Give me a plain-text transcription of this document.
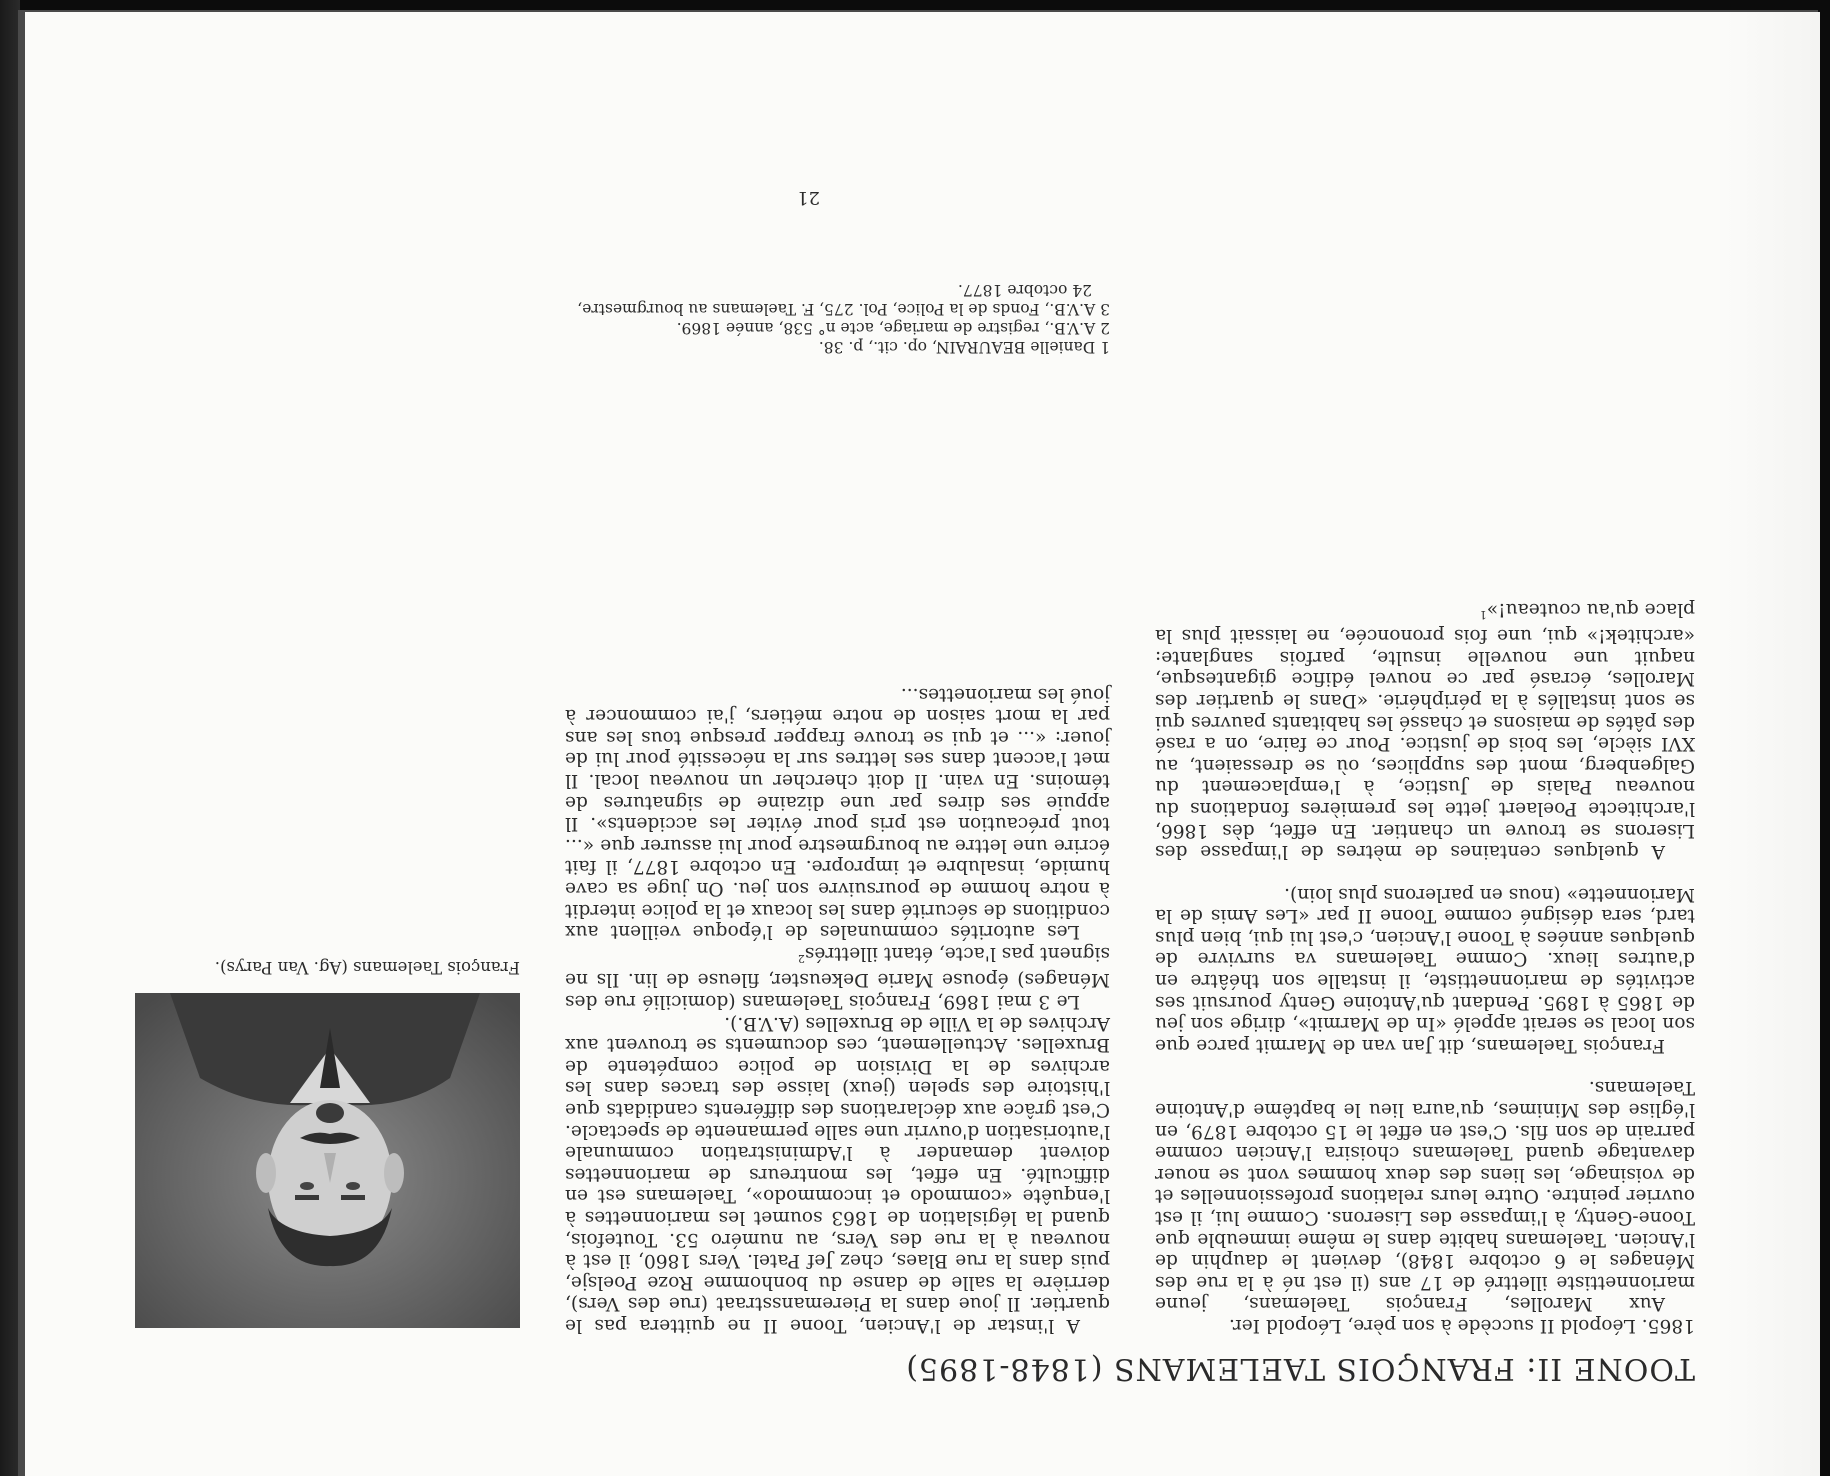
TOONE II: FRANÇOIS TAELEMANS (1848-1895)

1865. Léopold II succède à son père, Léopold Ier.

Aux Marolles, François Taelemans, jeune marionnettiste illettré de 17 ans (il est né à la rue des Ménages le 6 octobre 1848), devient le dauphin de l'Ancien. Taelemans habite dans le même immeuble que Toone-Genty, à l'impasse des Liserons. Comme lui, il est ouvrier peintre. Outre leurs relations professionnelles et de voisinage, les liens des deux hommes vont se nouer davantage quand Taelemans choisira l'Ancien comme parrain de son fils. C'est en effet le 15 octobre 1879, en l'église des Minimes, qu'aura lieu le baptême d'Antoine Taelemans.

François Taelemans, dit Jan van de Marmit parce que son local se serait appelé «In de Marmit», dirige son jeu de 1865 à 1895. Pendant qu'Antoine Genty poursuit ses activités de marionnettiste, il installe son théâtre en d'autres lieux. Comme Taelemans va survivre de quelques années à Toone l'Ancien, c'est lui qui, bien plus tard, sera désigné comme Toone II par «Les Amis de la Marionnette» (nous en parlerons plus loin).

A quelques centaines de mètres de l'impasse des Liserons se trouve un chantier. En effet, dès 1866, l'architecte Poelaert jette les premières fondations du nouveau Palais de Justice, à l'emplacement du Galgenberg, mont des supplices, où se dressaient, au XVI siècle, les bois de justice. Pour ce faire, on a rasé des pâtés de maisons et chassé les habitants pauvres qui se sont installés à la périphérie. «Dans le quartier des Marolles, écrasé par ce nouvel édifice gigantesque, naquit une nouvelle insulte, parfois sanglante: «architek!» qui, une fois prononcée, ne laissait plus la place qu'au couteau!»$^1$

A l'instar de l'Ancien, Toone II ne quittera pas le quartier. Il joue dans la Pieremansstraat (rue des Vers), derrière la salle de danse du bonhomme Roze Poelsje, puis dans la rue Blaes, chez Jef Patel. Vers 1860, il est à nouveau à la rue des Vers, au numéro 53. Toutefois, quand la législation de 1863 soumet les marionnettes à l'enquête «commodo et incommodo», Taelemans est en difficulté. En effet, les montreurs de marionnettes doivent demander à l'Administration communale l'autorisation d'ouvrir une salle permanente de spectacle. C'est grâce aux déclarations des différents candidats que l'histoire des spelen (jeux) laisse des traces dans les archives de la Division de police compétente de Bruxelles. Actuellement, ces documents se trouvent aux Archives de la Ville de Bruxelles (A.V.B.).

Le 3 mai 1869, François Taelemans (domicilié rue des Ménages) épouse Marie Dekeuster, fileuse de lin. Ils ne signent pas l'acte, étant illettrés$^2$

Les autorités communales de l'époque veillent aux conditions de sécurité dans les locaux et la police interdit à notre homme de poursuivre son jeu. On juge sa cave humide, insalubre et impropre. En octobre 1877, il fait écrire une lettre au bourgmestre pour lui assurer que «... tout précaution est pris pour éviter les accidents». Il appuie ses dires par une dizaine de signatures de témoins. En vain. Il doit chercher un nouveau local. Il met l'accent dans ses lettres sur la nécessité pour lui de jouer: «... et qui se trouve frapper presque tous les ans par la mort saison de notre métiers, j'ai commoncer à joué les marionettes...

1 Danielle BEAURAIN, op. cit., p. 38.
2 A.V.B., registre de mariage, acte n° 538, année 1869.
3 A.V.B., Fonds de la Police, Pol. 275, F. Taelemans au bourgmestre, 24 octobre 1877.
21
François Taelemans (Ag. Van Parys).
